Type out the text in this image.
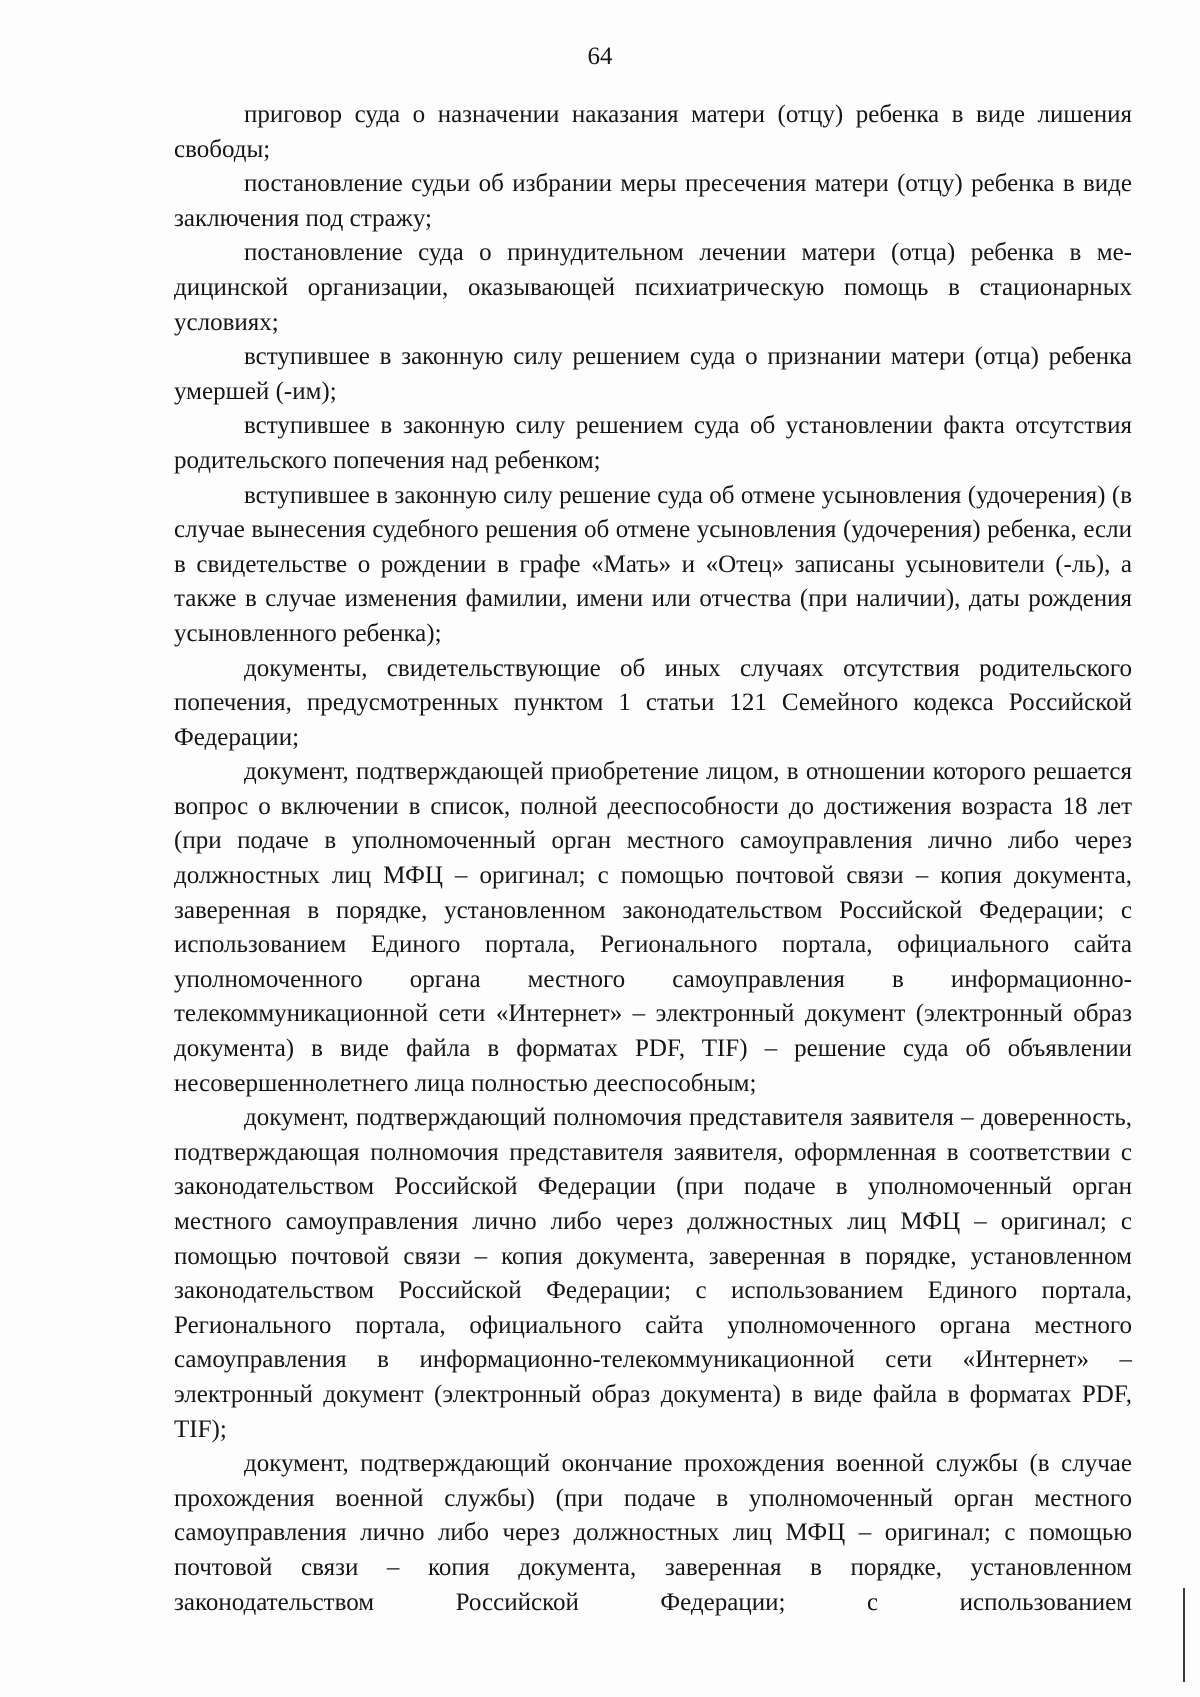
64

приговор суда о назначении наказания матери (отцу) ребенка в виде лишения свободы;

постановление судьи об избрании меры пресечения матери (отцу) ребенка в виде заключения под стражу;

постановление суда о принудительном лечении матери (отца) ребенка в медицинской организации, оказывающей психиатрическую помощь в стационарных условиях;

вступившее в законную силу решением суда о признании матери (отца) ребенка умершей (-им);

вступившее в законную силу решением суда об установлении факта отсутствия родительского попечения над ребенком;

вступившее в законную силу решение суда об отмене усыновления (удочерения) (в случае вынесения судебного решения об отмене усыновления (удочерения) ребенка, если в свидетельстве о рождении в графе «Мать» и «Отец» записаны усыновители (-ль), а также в случае изменения фамилии, имени или отчества (при наличии), даты рождения усыновленного ребенка);

документы, свидетельствующие об иных случаях отсутствия родительского попечения, предусмотренных пунктом 1 статьи 121 Семейного кодекса Российской Федерации;

документ, подтверждающей приобретение лицом, в отношении которого решается вопрос о включении в список, полной дееспособности до достижения возраста 18 лет (при подаче в уполномоченный орган местного самоуправления лично либо через должностных лиц МФЦ – оригинал; с помощью почтовой связи – копия документа, заверенная в порядке, установленном законодательством Российской Федерации; с использованием Единого портала, Регионального портала, официального сайта уполномоченного органа местного самоуправления в информационно-телекоммуникационной сети «Интернет» – электронный документ (электронный образ документа) в виде файла в форматах PDF, TIF) – решение суда об объявлении несовершеннолетнего лица полностью дееспособным;

документ, подтверждающий полномочия представителя заявителя – доверенность, подтверждающая полномочия представителя заявителя, оформленная в соответствии с законодательством Российской Федерации (при подаче в уполномоченный орган местного самоуправления лично либо через должностных лиц МФЦ – оригинал; с помощью почтовой связи – копия документа, заверенная в порядке, установленном законодательством Российской Федерации; с использованием Единого портала, Регионального портала, официального сайта уполномоченного органа местного самоуправления в информационно-телекоммуникационной сети «Интернет» – электронный документ (электронный образ документа) в виде файла в форматах PDF, TIF);

документ, подтверждающий окончание прохождения военной службы (в случае прохождения военной службы) (при подаче в уполномоченный орган местного самоуправления лично либо через должностных лиц МФЦ – оригинал; с помощью почтовой связи – копия документа, заверенная в порядке, установленном законодательством Российской Федерации; с использованием
